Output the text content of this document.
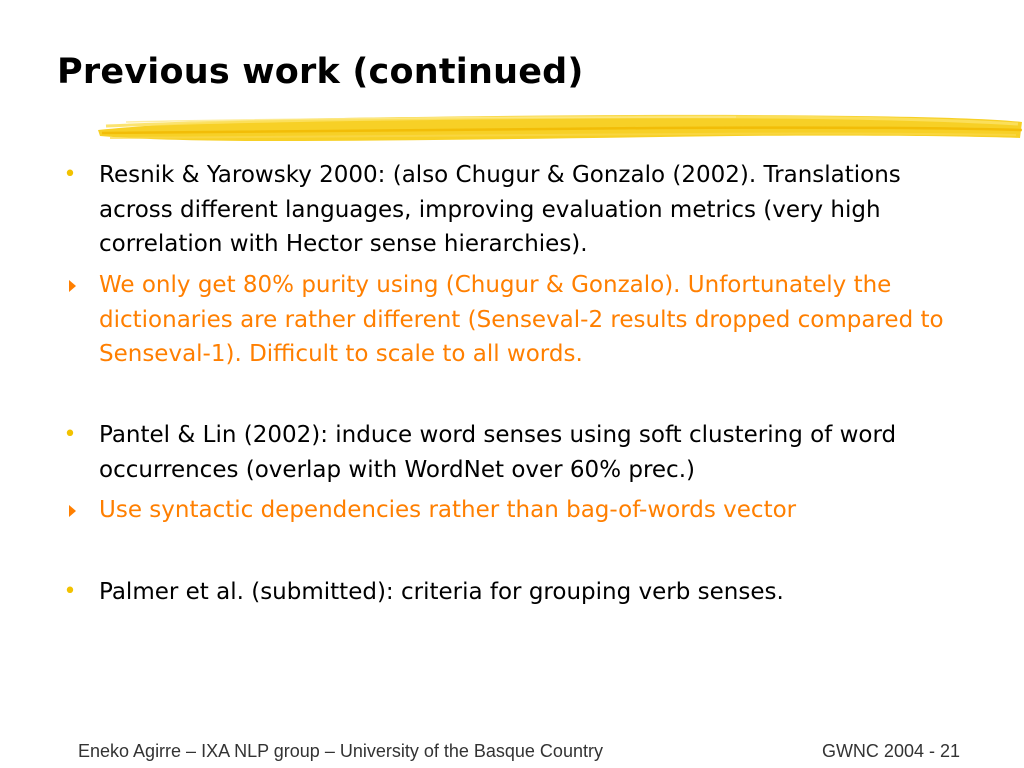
Previous work (continued)
• Resnik & Yarowsky 2000: (also Chugur & Gonzalo (2002). Translations across different languages, improving evaluation metrics (very high correlation with Hector sense hierarchies).
We only get 80% purity using (Chugur & Gonzalo). Unfortunately the dictionaries are rather different (Senseval-2 results dropped compared to Senseval-1). Difficult to scale to all words.
• Pantel & Lin (2002): induce word senses using soft clustering of word occurrences (overlap with WordNet over 60% prec.)
Use syntactic dependencies rather than bag-of-words vector
• Palmer et al. (submitted): criteria for grouping verb senses.
Eneko Agirre – IXA NLP group – University of the Basque Country	GWNC 2004 - 21
